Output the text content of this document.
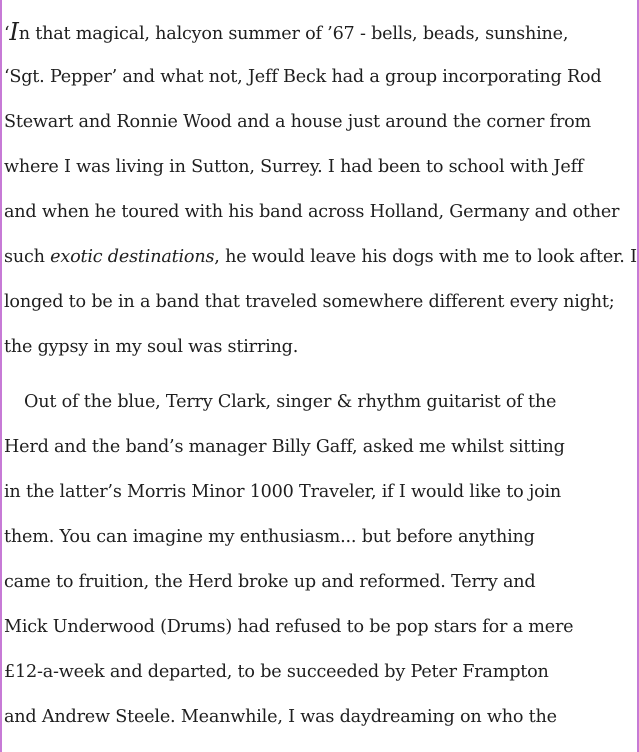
‘In that magical, halcyon summer of ’67 - bells, beads, sunshine,
‘Sgt. Pepper’ and what not, Jeff Beck had a group incorporating Rod
Stewart and Ronnie Wood and a house just around the corner from
where I was living in Sutton, Surrey. I had been to school with Jeff
and when he toured with his band across Holland, Germany and other
such exotic destinations, he would leave his dogs with me to look after. I
longed to be in a band that traveled somewhere different every night;
the gypsy in my soul was stirring.
Out of the blue, Terry Clark, singer & rhythm guitarist of the
Herd and the band’s manager Billy Gaff, asked me whilst sitting
in the latter’s Morris Minor 1000 Traveler, if I would like to join
them. You can imagine my enthusiasm... but before anything
came to fruition, the Herd broke up and reformed. Terry and
Mick Underwood (Drums) had refused to be pop stars for a mere
£12-a-week and departed, to be succeeded by Peter Frampton
and Andrew Steele. Meanwhile, I was daydreaming on who the
